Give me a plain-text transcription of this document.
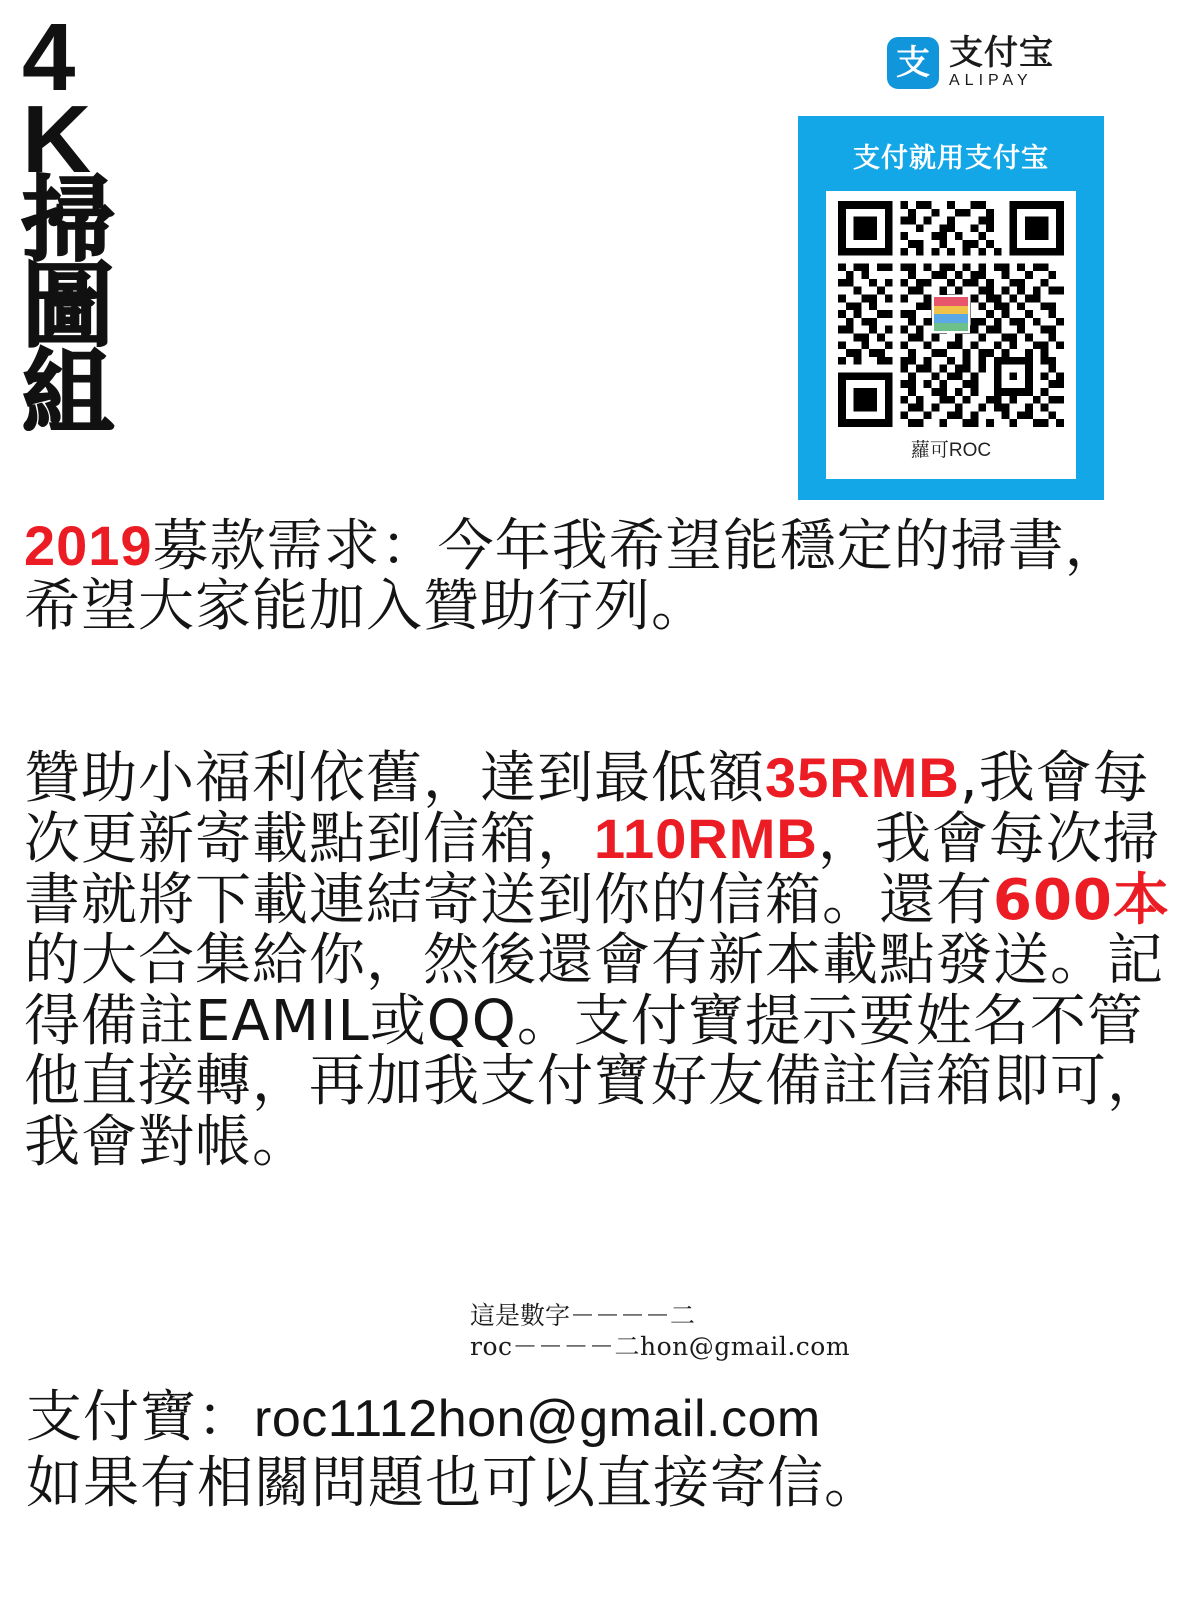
4
K
掃
圖
組
支 支付宝
ALIPAY
支付就用支付宝
蘿可ROC
2019募款需求：今年我希望能穩定的掃書，希望大家能加入贊助行列。
贊助小福利依舊，達到最低額35RMB,我會每次更新寄載點到信箱，110RMB，我會每次掃書就將下載連結寄送到你的信箱。還有600本的大合集給你，然後還會有新本載點發送。記得備註EAMIL或QQ。支付寶提示要姓名不管他直接轉，再加我支付寶好友備註信箱即可，我會對帳。
這是數字－－－－二
roc－－－－二hon@gmail.com
支付寶：roc1112hon@gmail.com
如果有相關問題也可以直接寄信。
